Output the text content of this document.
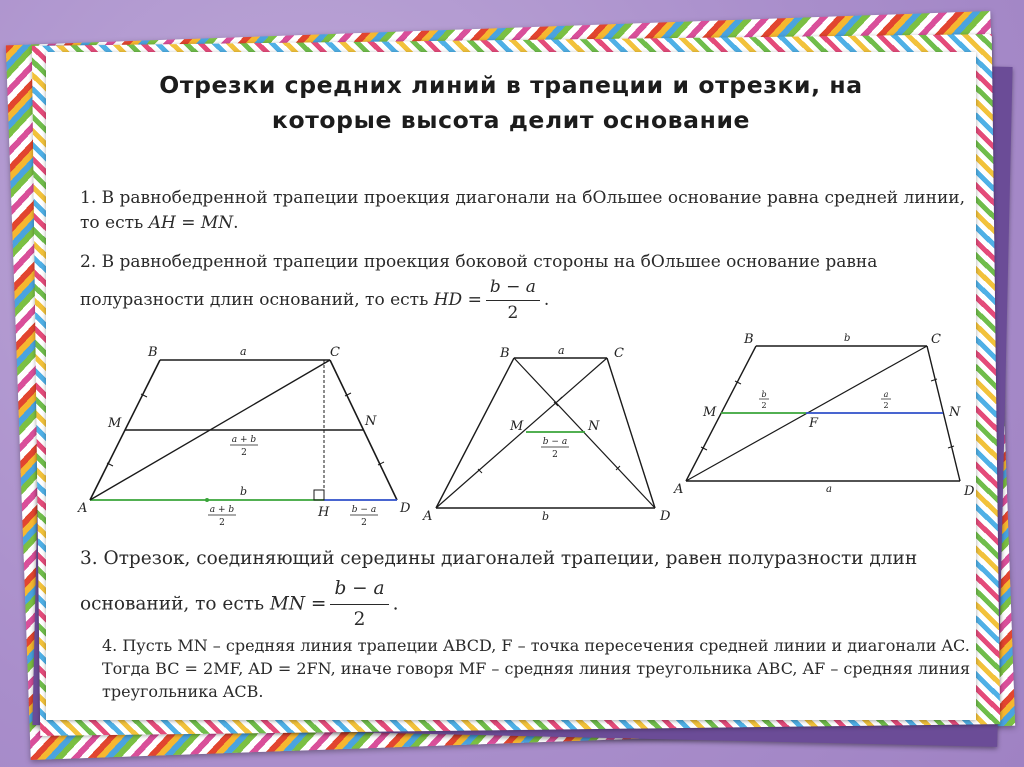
Отрезки средних линий в трапеции и отрезки, на
которые высота делит основание
1. В равнобедренной трапеции проекция диагонали на бОльшее основание равна средней линии, то есть AH = MN.
2. В равнобедренной трапеции проекция боковой стороны на бОльшее основание равна полуразности длин оснований, то есть HD = $\frac{b - a}{2}$ .
B	C
M	N
A	H	D
a
b
a + b
2
a + b
2
b − a
2
B	C
M	N
A	D
a
b
b − a
2
B	C
M
F
N
A	D
b
a
b
2
a
2
3. Отрезок, соединяющий середины диагоналей трапеции, равен полуразности длин оснований, то есть MN = $\frac{b - a}{2}$ .
4. Пусть MN – средняя линия трапеции ABCD, F – точка пересечения средней линии и диагонали AC. Тогда BC = 2MF, AD = 2FN, иначе говоря MF – средняя линия треугольника ABC, AF – средняя линия треугольника ACB.
